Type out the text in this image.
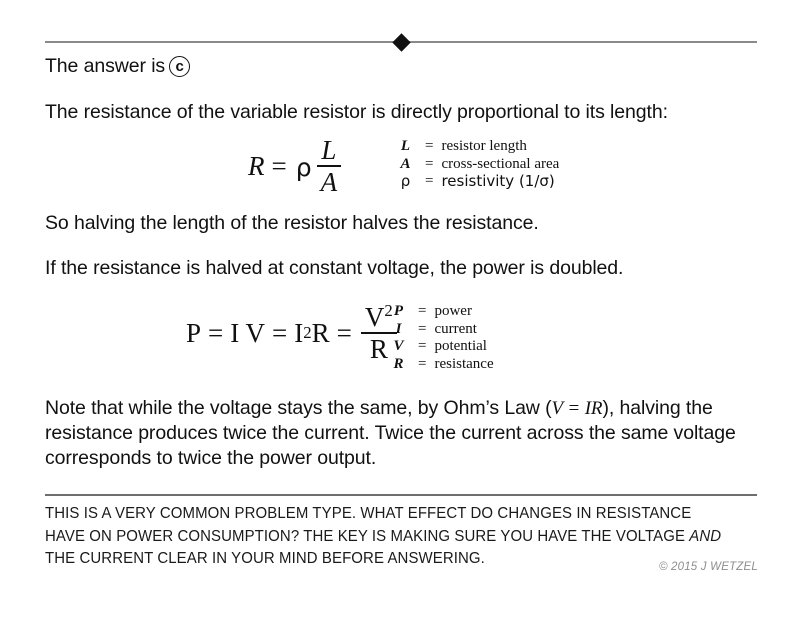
The answer is c
The resistance of the variable resistor is directly proportional to its length:
R = ρ $\frac{L}{A}$	L	=	resistor length
A	=	cross-sectional area
ρ	=	resistivity (1/σ)
So halving the length of the resistor halves the resistance.
If the resistance is halved at constant voltage, the power is doubled.
P = I V = I 2 $R = \frac{V^2}{R}$
P	=	power
I	=	current
V	=	potential
R	=	resistance
Note that while the voltage stays the same, by Ohm’s Law (V = IR), halving the resistance produces twice the current. Twice the current across the same voltage corresponds to twice the power output.
THIS IS A VERY COMMON PROBLEM TYPE. WHAT EFFECT DO CHANGES IN RESISTANCE HAVE ON POWER CONSUMPTION? THE KEY IS MAKING SURE YOU HAVE THE VOLTAGE AND THE CURRENT CLEAR IN YOUR MIND BEFORE ANSWERING.	© 2015 J WETZEL
